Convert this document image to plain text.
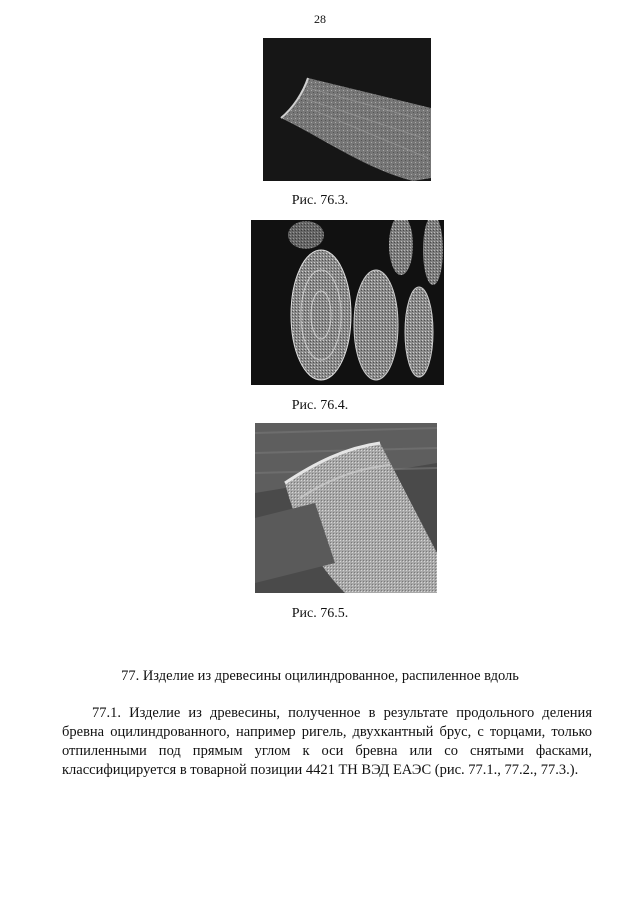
28
Рис. 76.3.
Рис. 76.4.
Рис. 76.5.
77. Изделие из древесины оцилиндрованное, распиленное вдоль
77.1. Изделие из древесины, полученное в результате продольного деления бревна оцилиндрованного, например ригель, двухкантный брус, с торцами, только отпиленными под прямым углом к оси бревна или со снятыми фасками, классифицируется в товарной позиции 4421 ТН ВЭД ЕАЭС (рис. 77.1., 77.2., 77.3.).
